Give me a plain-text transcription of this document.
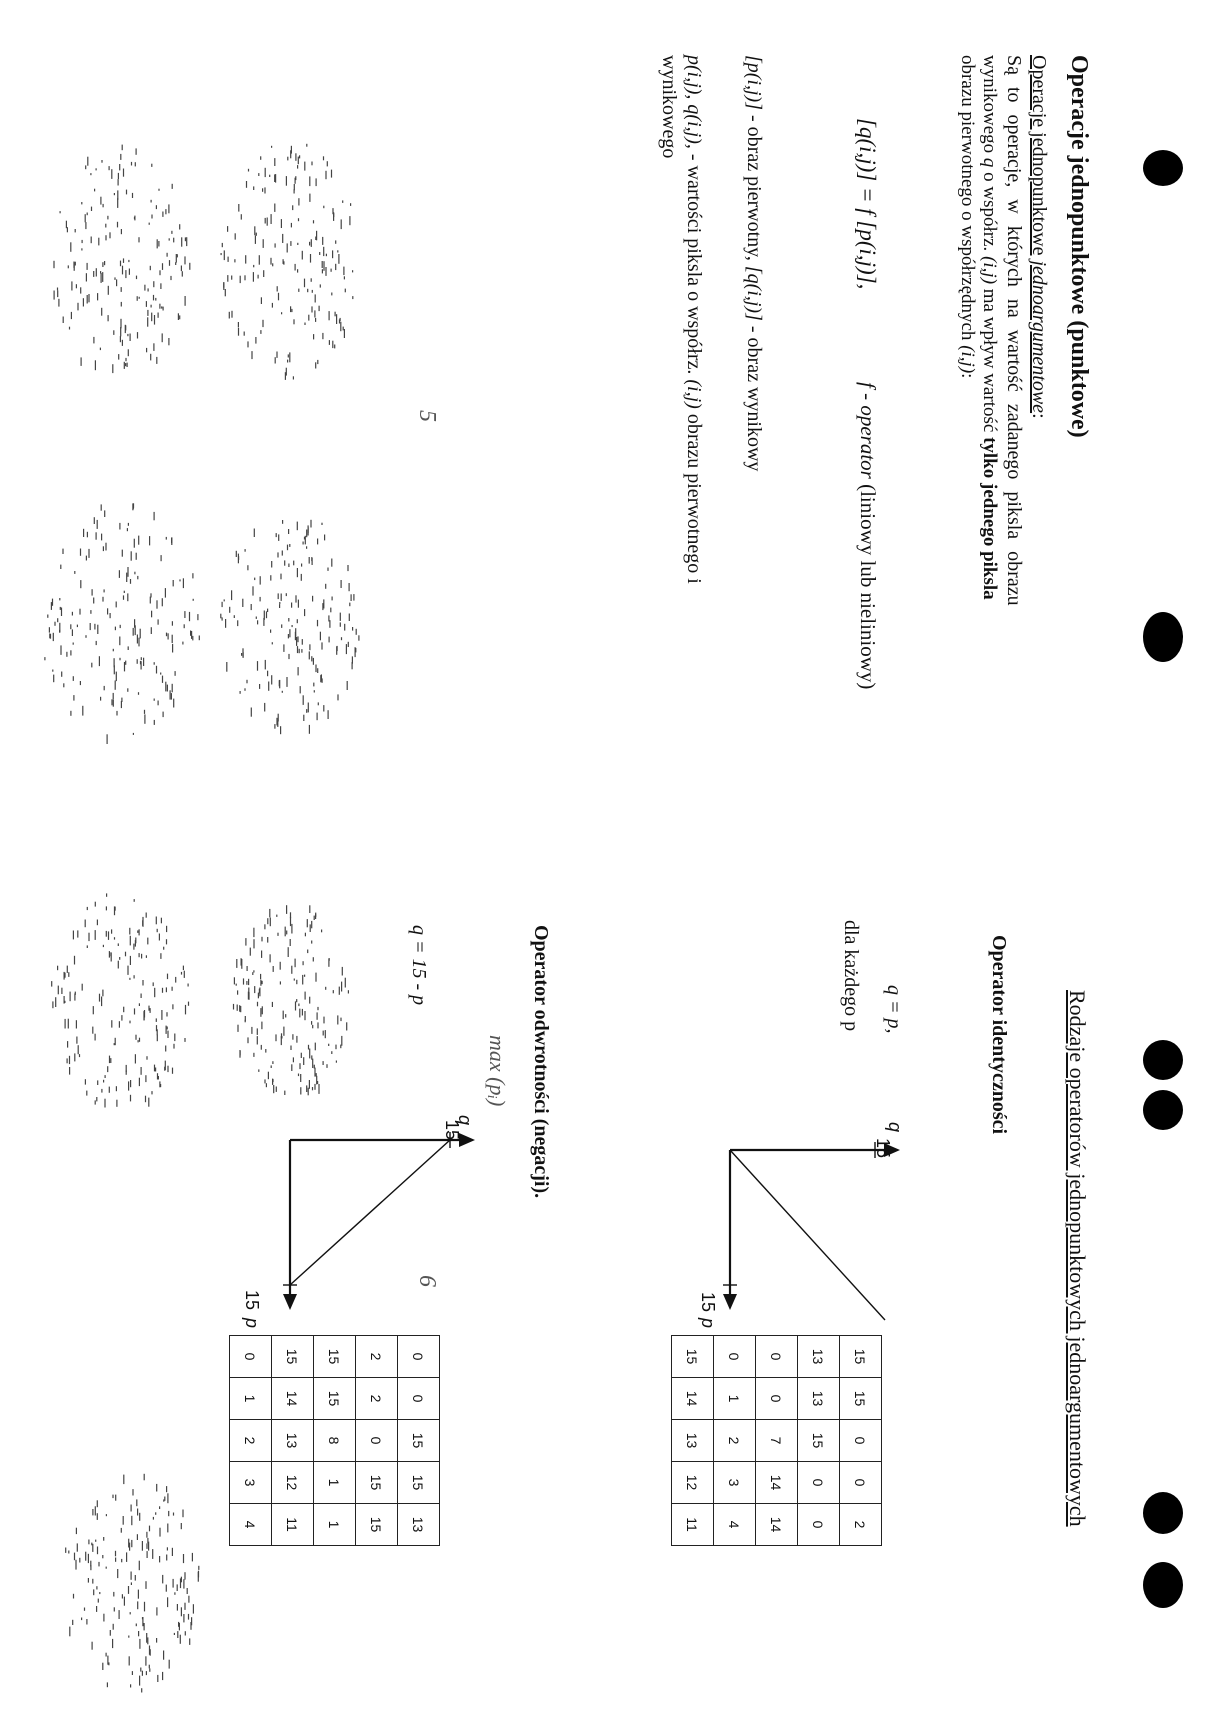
Operacje jednopunktowe (punktowe)
Operacje jednopunktowe jednoargumentowe:
Są to operacje, w których na wartość zadanego piksla obrazu
wynikowego q o współrz. (i,j) ma wpływ wartość tylko jednego piksla
obrazu pierwotnego o współrzędnych (i,j):
[q(i,j)] = f [p(i,j)],
f - operator (liniowy lub nieliniowy)
[p(i,j)] - obraz pierwotny, [q(i,j)] - obraz wynikowy
p(i,j), q(i,j), - wartości piksla o współrz. (i,j) obrazu pierwotnego i
wynikowego
5
Rodzaje operatorów jednopunktowych jednoargumentowych
Operator identyczności
q = p,
dla każdego p
q
15
15
p
15	15	0	0	2
13	13	15	0	0
0	0	7	14	14
0	1	2	3	4
15	14	13	12	11
Operator odwrotności (negacji).
q = 15 - p
max (pᵢ)
q
15
15
p
0	0	15	15	13
2	2	0	15	15
15	15	8	1	1
15	14	13	12	11
0	1	2	3	4
6
